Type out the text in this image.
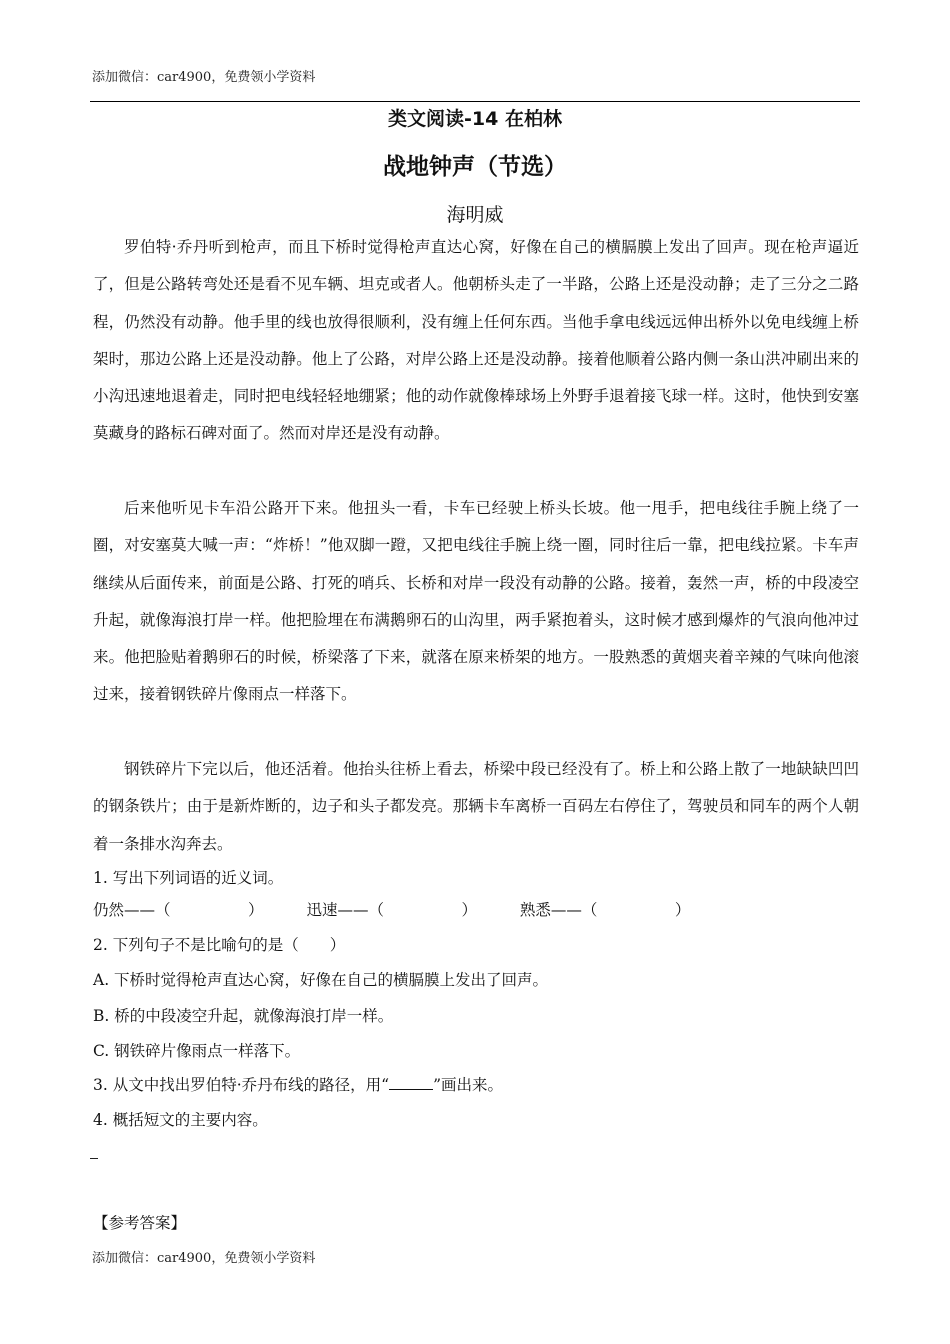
添加微信：car4900，免费领小学资料
类文阅读-14 在柏林
战地钟声（节选）
海明威

罗伯特·乔丹听到枪声，而且下桥时觉得枪声直达心窝，好像在自己的横膈膜上发出了回声。现在枪声逼近了，但是公路转弯处还是看不见车辆、坦克或者人。他朝桥头走了一半路，公路上还是没动静；走了三分之二路程，仍然没有动静。他手里的线也放得很顺利，没有缠上任何东西。当他手拿电线远远伸出桥外以免电线缠上桥架时，那边公路上还是没动静。他上了公路，对岸公路上还是没动静。接着他顺着公路内侧一条山洪冲刷出来的小沟迅速地退着走，同时把电线轻轻地绷紧；他的动作就像棒球场上外野手退着接飞球一样。这时，他快到安塞莫藏身的路标石碑对面了。然而对岸还是没有动静。

后来他听见卡车沿公路开下来。他扭头一看，卡车已经驶上桥头长坡。他一甩手，把电线往手腕上绕了一圈，对安塞莫大喊一声：“炸桥！”他双脚一蹬，又把电线往手腕上绕一圈，同时往后一靠，把电线拉紧。卡车声继续从后面传来，前面是公路、打死的哨兵、长桥和对岸一段没有动静的公路。接着，轰然一声，桥的中段凌空升起，就像海浪打岸一样。他把脸埋在布满鹅卵石的山沟里，两手紧抱着头，这时候才感到爆炸的气浪向他冲过来。他把脸贴着鹅卵石的时候，桥梁落了下来，就落在原来桥架的地方。一股熟悉的黄烟夹着辛辣的气味向他滚过来，接着钢铁碎片像雨点一样落下。

钢铁碎片下完以后，他还活着。他抬头往桥上看去，桥梁中段已经没有了。桥上和公路上散了一地缺缺凹凹的钢条铁片；由于是新炸断的，边子和头子都发亮。那辆卡车离桥一百码左右停住了，驾驶员和同车的两个人朝着一条排水沟奔去。

1. 写出下列词语的近义词。

仍然——（　　　　　）	迅速——（　　　　　）	熟悉——（　　　　　）

2. 下列句子不是比喻句的是（　　）

A. 下桥时觉得枪声直达心窝，好像在自己的横膈膜上发出了回声。

B. 桥的中段凌空升起，就像海浪打岸一样。

C. 钢铁碎片像雨点一样落下。

3. 从文中找出罗伯特·乔丹布线的路径，用“	”画出来。

4. 概括短文的主要内容。

【参考答案】
添加微信：car4900，免费领小学资料
